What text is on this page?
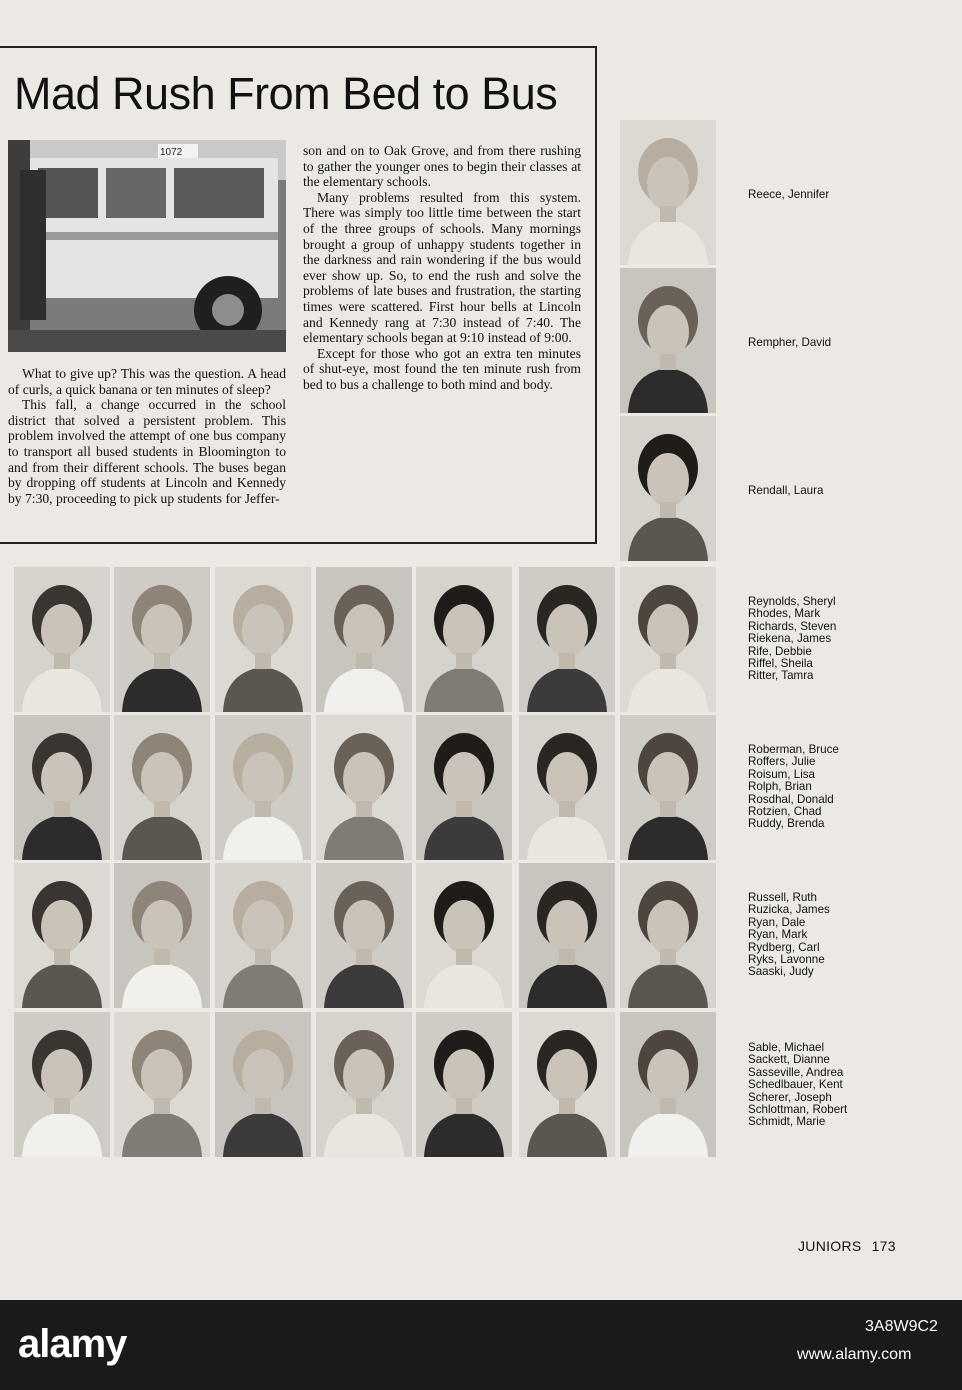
Mad Rush From Bed to Bus
1072

What to give up? This was the question. A head of curls, a quick banana or ten minutes of sleep?

This fall, a change occurred in the school district that solved a persistent problem. This problem involved the attempt of one bus company to transport all bused students in Bloomington to and from their different schools. The buses began by dropping off students at Lincoln and Kennedy by 7:30, proceeding to pick up students for Jeffer-

son and on to Oak Grove, and from there rushing to gather the younger ones to begin their classes at the elementary schools.

Many problems resulted from this system. There was simply too little time between the start of the three groups of schools. Many mornings brought a group of unhappy students together in the darkness and rain wondering if the bus would ever show up. So, to end the rush and solve the problems of late buses and frustration, the starting times were scattered. First hour bells at Lincoln and Kennedy rang at 7:30 instead of 7:40. The elementary schools began at 9:10 instead of 9:00.

Except for those who got an extra ten minutes of shut-eye, most found the ten minute rush from bed to bus a challenge to both mind and body.

Reece, Jennifer
Rempher, David
Rendall, Laura
Reynolds, Sheryl
Rhodes, Mark
Richards, Steven
Riekena, James
Rife, Debbie
Riffel, Sheila
Ritter, Tamra
Roberman, Bruce
Roffers, Julie
Roisum, Lisa
Rolph, Brian
Rosdhal, Donald
Rotzien, Chad
Ruddy, Brenda
Russell, Ruth
Ruzicka, James
Ryan, Dale
Ryan, Mark
Rydberg, Carl
Ryks, Lavonne
Saaski, Judy
Sable, Michael
Sackett, Dianne
Sasseville, Andrea
Schedlbauer, Kent
Scherer, Joseph
Schlottman, Robert
Schmidt, Marie
JUNIORS 173
alamy	3A8W9C2
www.alamy.com
